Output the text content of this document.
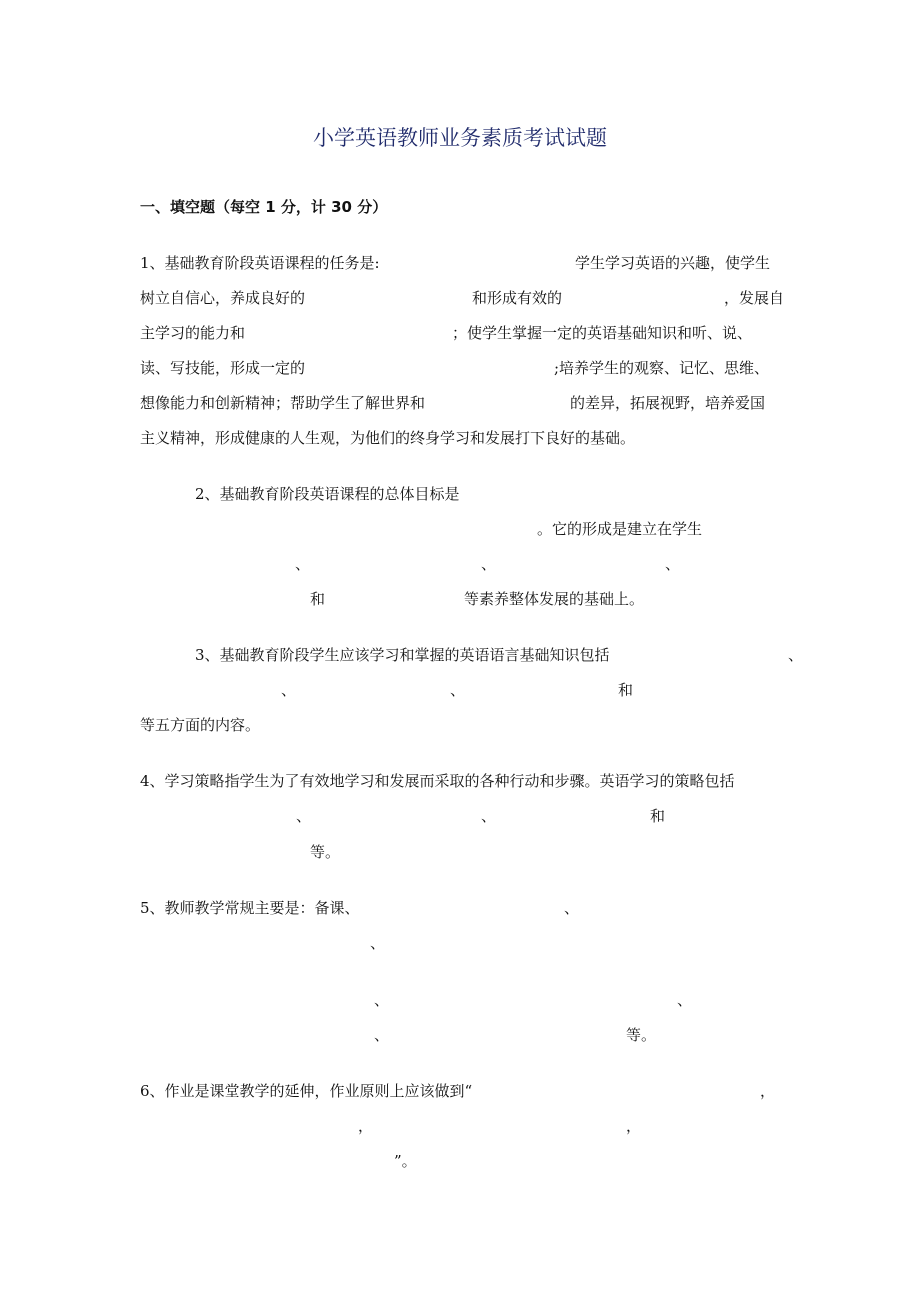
小学英语教师业务素质考试试题
一、填空题（每空 1 分，计 30 分）
1、基础教育阶段英语课程的任务是:	学生学习英语的兴趣，使学生
树立自信心，养成良好的	和形成有效的	，发展自
主学习的能力和	；使学生掌握一定的英语基础知识和听、说、
读、写技能，形成一定的	;培养学生的观察、记忆、思维、
想像能力和创新精神；帮助学生了解世界和	的差异，拓展视野，培养爱国
主义精神，形成健康的人生观，为他们的终身学习和发展打下良好的基础。
2、基础教育阶段英语课程的总体目标是
。它的形成是建立在学生
、	、	、
和	等素养整体发展的基础上。
3、基础教育阶段学生应该学习和掌握的英语语言基础知识包括	、
、	、	和
等五方面的内容。
4、学习策略指学生为了有效地学习和发展而采取的各种行动和步骤。英语学习的策略包括
、	、	和
等。
5、教师教学常规主要是：备课、	、
、
、	、
、	等。
6、作业是课堂教学的延伸，作业原则上应该做到“	，
，	，
”。
